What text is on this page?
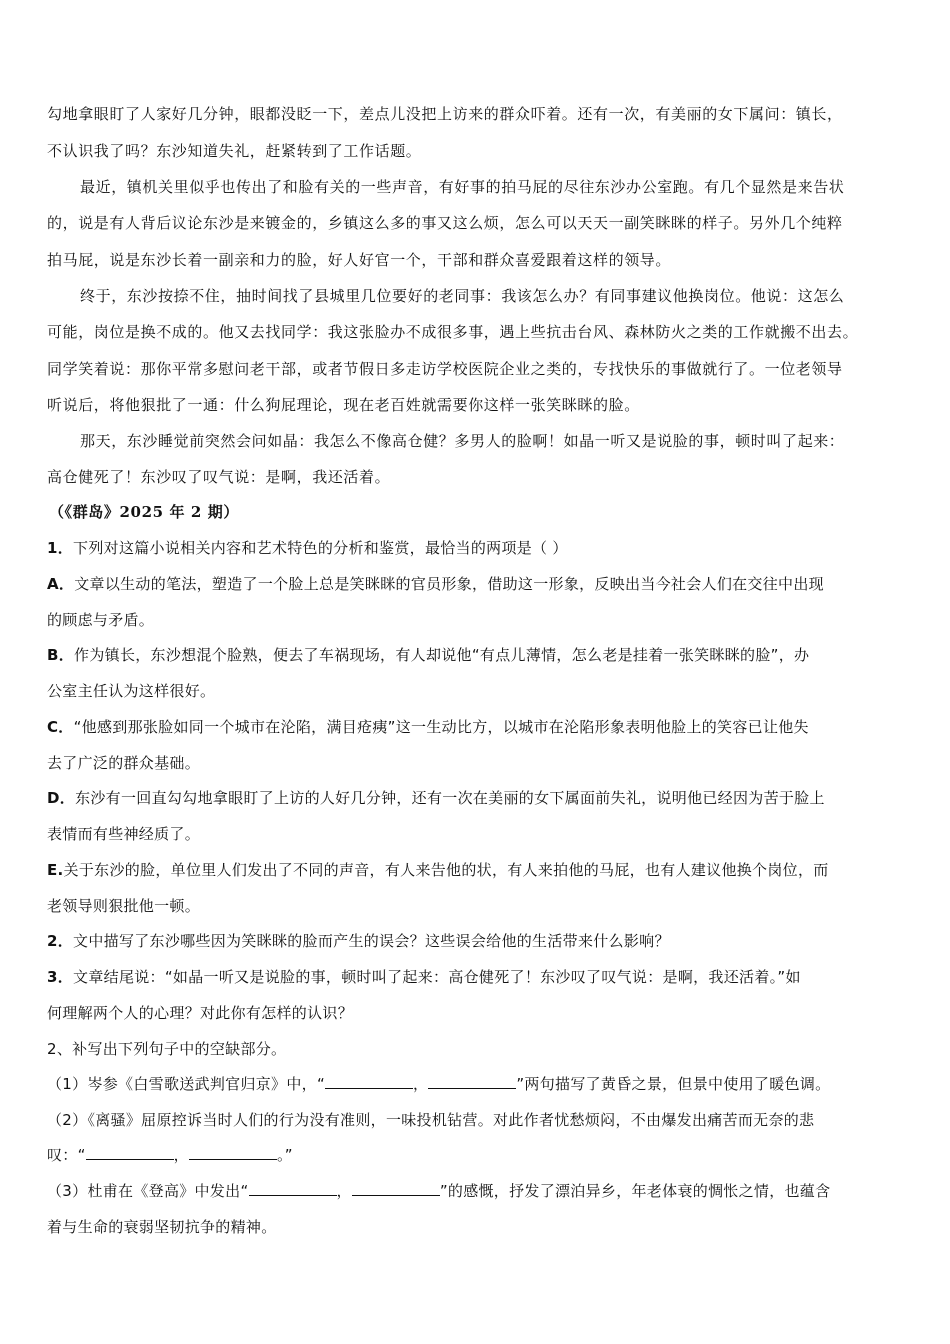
勾地拿眼盯了人家好几分钟，眼都没眨一下，差点儿没把上访来的群众吓着。还有一次，有美丽的女下属问：镇长，
不认识我了吗？东沙知道失礼，赶紧转到了工作话题。
最近，镇机关里似乎也传出了和脸有关的一些声音，有好事的拍马屁的尽往东沙办公室跑。有几个显然是来告状
的，说是有人背后议论东沙是来镀金的，乡镇这么多的事又这么烦，怎么可以天天一副笑眯眯的样子。另外几个纯粹
拍马屁，说是东沙长着一副亲和力的脸，好人好官一个，干部和群众喜爱跟着这样的领导。
终于，东沙按捺不住，抽时间找了县城里几位要好的老同事：我该怎么办？有同事建议他换岗位。他说：这怎么
可能，岗位是换不成的。他又去找同学：我这张脸办不成很多事，遇上些抗击台风、森林防火之类的工作就搬不出去。
同学笑着说：那你平常多慰问老干部，或者节假日多走访学校医院企业之类的，专找快乐的事做就行了。一位老领导
听说后，将他狠批了一通：什么狗屁理论，现在老百姓就需要你这样一张笑眯眯的脸。
那天，东沙睡觉前突然会问如晶：我怎么不像高仓健？多男人的脸啊！如晶一听又是说脸的事，顿时叫了起来：
高仓健死了！东沙叹了叹气说：是啊，我还活着。
（《群岛》2025 年 2 期）
1．下列对这篇小说相关内容和艺术特色的分析和鉴赏，最恰当的两项是（ ）
A．文章以生动的笔法，塑造了一个脸上总是笑眯眯的官员形象，借助这一形象，反映出当今社会人们在交往中出现
的顾虑与矛盾。
B．作为镇长，东沙想混个脸熟，便去了车祸现场，有人却说他“有点儿薄情，怎么老是挂着一张笑眯眯的脸”，办
公室主任认为这样很好。
C．“他感到那张脸如同一个城市在沦陷，满目疮痍”这一生动比方，以城市在沦陷形象表明他脸上的笑容已让他失
去了广泛的群众基础。
D．东沙有一回直勾勾地拿眼盯了上访的人好几分钟，还有一次在美丽的女下属面前失礼，说明他已经因为苦于脸上
表情而有些神经质了。
E.关于东沙的脸，单位里人们发出了不同的声音，有人来告他的状，有人来拍他的马屁，也有人建议他换个岗位，而
老领导则狠批他一顿。
2．文中描写了东沙哪些因为笑眯眯的脸而产生的误会？这些误会给他的生活带来什么影响？
3．文章结尾说：“如晶一听又是说脸的事，顿时叫了起来：高仓健死了！东沙叹了叹气说：是啊，我还活着。”如
何理解两个人的心理？对此你有怎样的认识？
2、补写出下列句子中的空缺部分。
（1）岑参《白雪歌送武判官归京》中，“	，	”两句描写了黄昏之景，但景中使用了暖色调。
（2）《离骚》屈原控诉当时人们的行为没有准则，一味投机钻营。对此作者忧愁烦闷，不由爆发出痛苦而无奈的悲
叹：“	，	。”
（3）杜甫在《登高》中发出“	，	”的感慨，抒发了漂泊异乡，年老体衰的惆怅之情，也蕴含
着与生命的衰弱坚韧抗争的精神。
